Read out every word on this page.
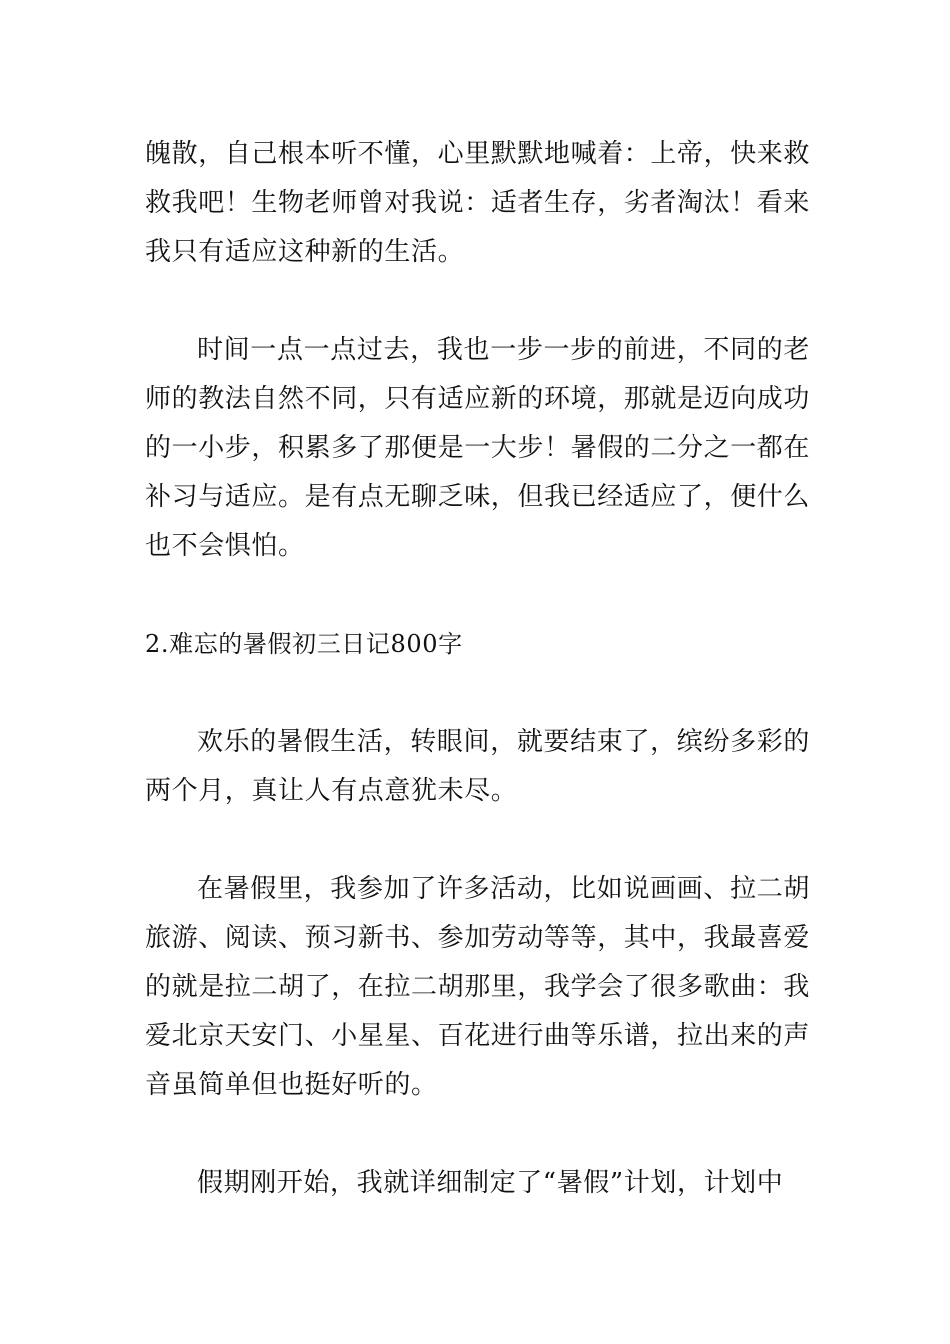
魄散，自己根本听不懂，心里默默地喊着：上帝，快来救救我吧！生物老师曾对我说：适者生存，劣者淘汰！看来我只有适应这种新的生活。

时间一点一点过去，我也一步一步的前进，不同的老师的教法自然不同，只有适应新的环境，那就是迈向成功的一小步，积累多了那便是一大步！暑假的二分之一都在补习与适应。是有点无聊乏味，但我已经适应了，便什么也不会惧怕。

2.难忘的暑假初三日记800字

欢乐的暑假生活，转眼间，就要结束了，缤纷多彩的两个月，真让人有点意犹未尽。

在暑假里，我参加了许多活动，比如说画画、拉二胡旅游、阅读、预习新书、参加劳动等等，其中，我最喜爱的就是拉二胡了，在拉二胡那里，我学会了很多歌曲：我爱北京天安门、小星星、百花进行曲等乐谱，拉出来的声音虽简单但也挺好听的。

假期刚开始，我就详细制定了“暑假”计划，计划中
